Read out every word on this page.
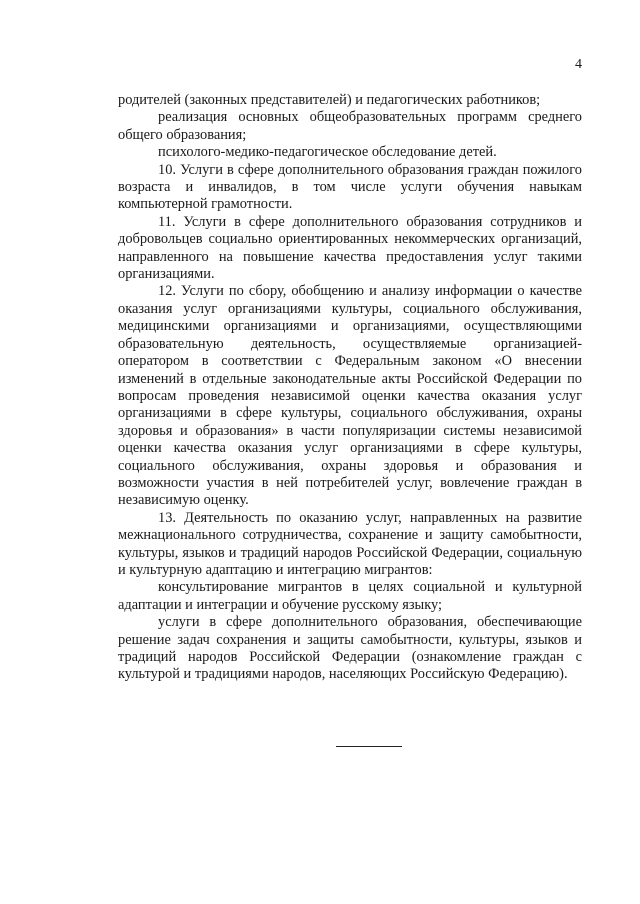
4

родителей (законных представителей) и педагогических работников;

реализация основных общеобразовательных программ среднего общего образования;

психолого-медико-педагогическое обследование детей.

10. Услуги в сфере дополнительного образования граждан пожилого возраста и инвалидов, в том числе услуги обучения навыкам компьютерной грамотности.

11. Услуги в сфере дополнительного образования сотрудников и добровольцев социально ориентированных некоммерческих организаций, направленного на повышение качества предоставления услуг такими организациями.

12. Услуги по сбору, обобщению и анализу информации о качестве оказания услуг организациями культуры, социального обслуживания, медицинскими организациями и организациями, осуществляющими образовательную деятельность, осуществляемые организацией-оператором в соответствии с Федеральным законом «О внесении изменений в отдельные законодательные акты Российской Федерации по вопросам проведения независимой оценки качества оказания услуг организациями в сфере культуры, социального обслуживания, охраны здоровья и образования» в части популяризации системы независимой оценки качества оказания услуг организациями в сфере культуры, социального обслуживания, охраны здоровья и образования и возможности участия в ней потребителей услуг, вовлечение граждан в независимую оценку.

13. Деятельность по оказанию услуг, направленных на развитие межнационального сотрудничества, сохранение и защиту самобытности, культуры, языков и традиций народов Российской Федерации, социальную и культурную адаптацию и интеграцию мигрантов:

консультирование мигрантов в целях социальной и культурной адаптации и интеграции и обучение русскому языку;

услуги в сфере дополнительного образования, обеспечивающие решение задач сохранения и защиты самобытности, культуры, языков и традиций народов Российской Федерации (ознакомление граждан с культурой и традициями народов, населяющих Российскую Федерацию).
